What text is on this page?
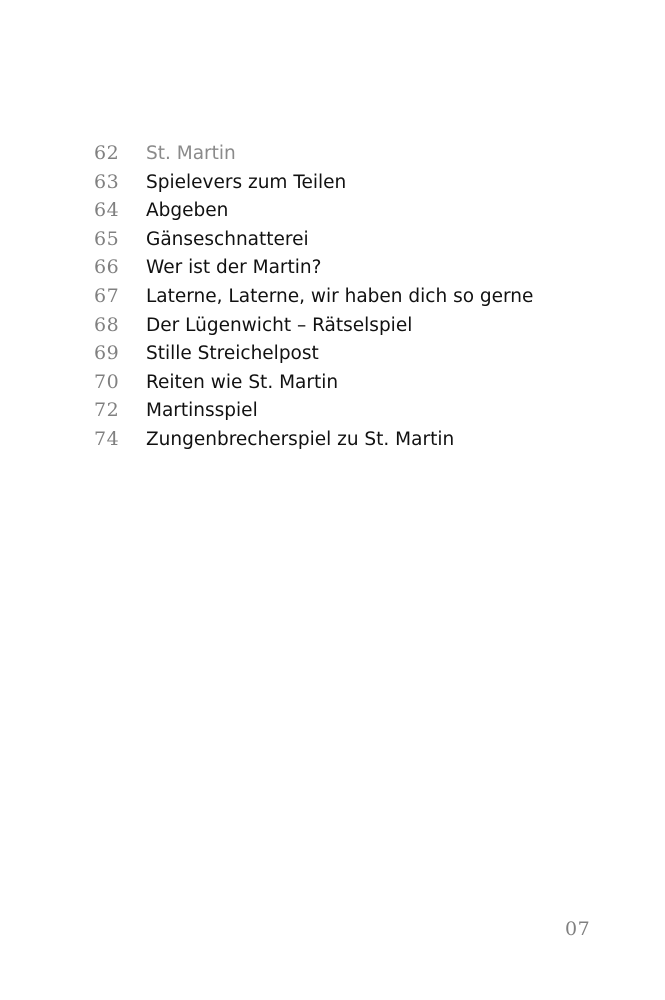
62	St. Martin
63	Spielevers zum Teilen
64	Abgeben
65	Gänseschnatterei
66	Wer ist der Martin?
67	Laterne, Laterne, wir haben dich so gerne
68	Der Lügenwicht – Rätselspiel
69	Stille Streichelpost
70	Reiten wie St. Martin
72	Martinsspiel
74	Zungenbrecherspiel zu St. Martin
07
